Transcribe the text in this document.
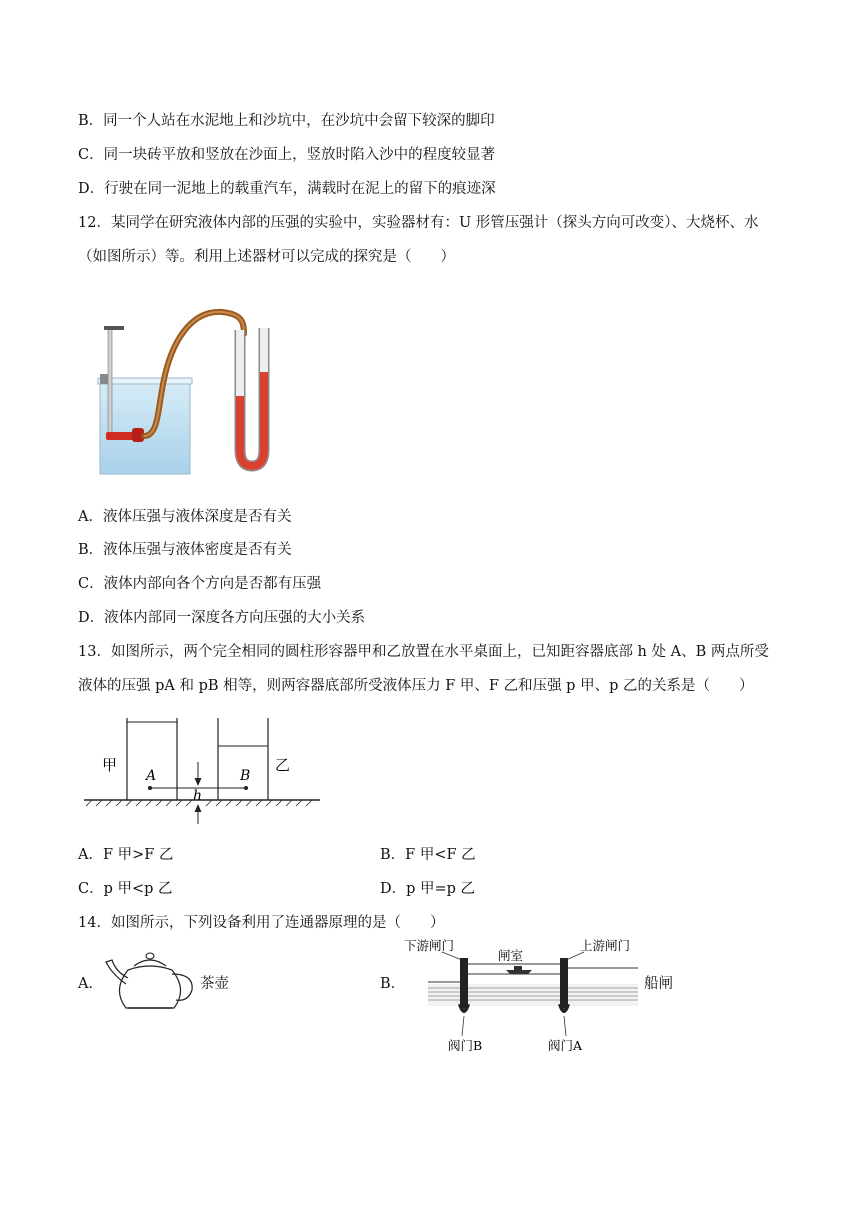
B．同一个人站在水泥地上和沙坑中，在沙坑中会留下较深的脚印
C．同一块砖平放和竖放在沙面上，竖放时陷入沙中的程度较显著
D．行驶在同一泥地上的载重汽车，满载时在泥上的留下的痕迹深
12．某同学在研究液体内部的压强的实验中，实验器材有：U 形管压强计（探头方向可改变）、大烧杯、水
（如图所示）等。利用上述器材可以完成的探究是（　　）
A．液体压强与液体深度是否有关
B．液体压强与液体密度是否有关
C．液体内部向各个方向是否都有压强
D．液体内部同一深度各方向压强的大小关系
13．如图所示，两个完全相同的圆柱形容器甲和乙放置在水平桌面上，已知距容器底部 h 处 A、B 两点所受
液体的压强 pA 和 pB 相等，则两容器底部所受液体压力 F 甲、F 乙和压强 p 甲、p 乙的关系是（　　）
甲	乙
A	B
h
A．F 甲>F 乙	B．F 甲<F 乙
C．p 甲<p 乙	D．p 甲=p 乙
14．如图所示，下列设备利用了连通器原理的是（　　）
A．	茶壶	B．
下游闸门
闸室
上游闸门
阀门B	阀门A
船闸
